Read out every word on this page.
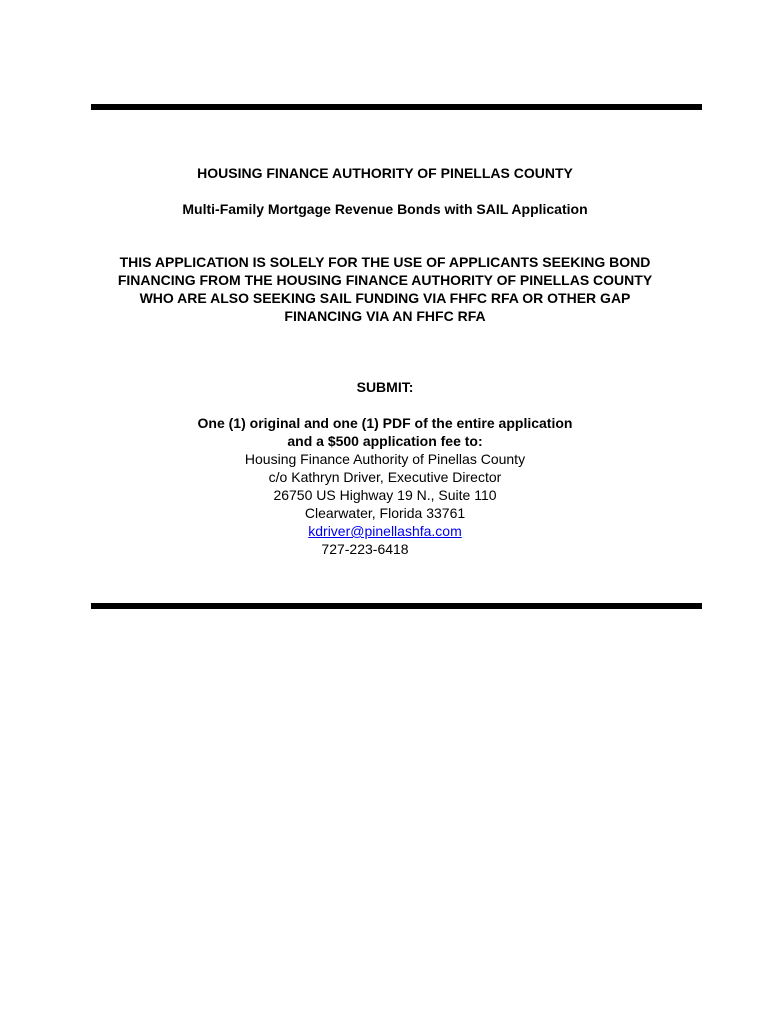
HOUSING FINANCE AUTHORITY OF PINELLAS COUNTY
Multi-Family Mortgage Revenue Bonds with SAIL Application
THIS APPLICATION IS SOLELY FOR THE USE OF APPLICANTS SEEKING BOND
FINANCING FROM THE HOUSING FINANCE AUTHORITY OF PINELLAS COUNTY
WHO ARE ALSO SEEKING SAIL FUNDING VIA FHFC RFA OR OTHER GAP
FINANCING VIA AN FHFC RFA
SUBMIT:
One (1) original and one (1) PDF of the entire application
and a $500 application fee to:
Housing Finance Authority of Pinellas County
c/o Kathryn Driver, Executive Director
26750 US Highway 19 N., Suite 110
Clearwater, Florida 33761
kdriver@pinellashfa.com
727-223-6418
